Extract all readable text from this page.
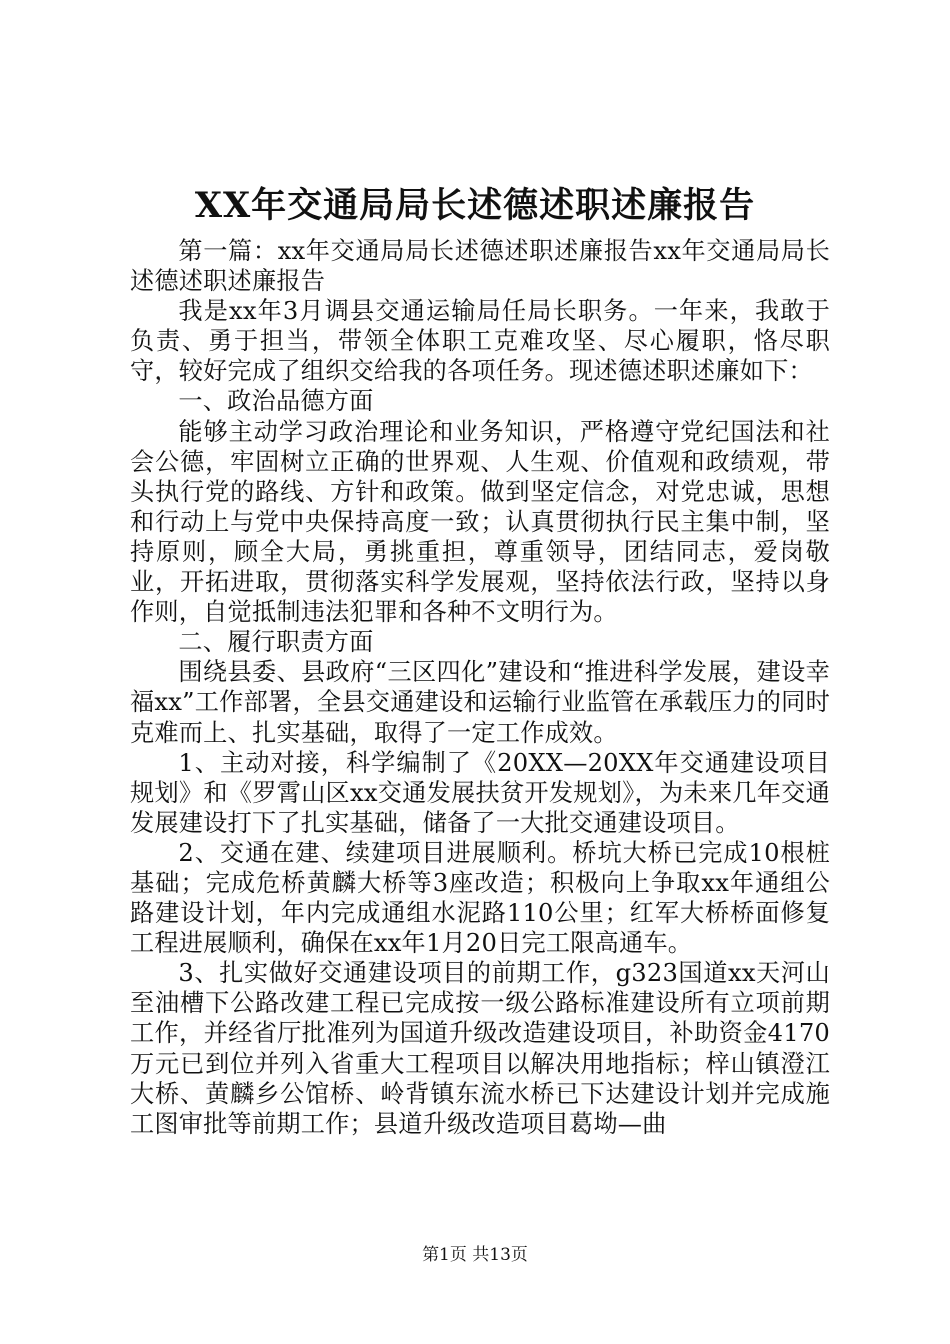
XX年交通局局长述德述职述廉报告

第一篇：xx年交通局局长述德述职述廉报告xx年交通局局长述德述职述廉报告

我是xx年3月调县交通运输局任局长职务。一年来，我敢于负责、勇于担当，带领全体职工克难攻坚、尽心履职，恪尽职守，较好完成了组织交给我的各项任务。现述德述职述廉如下：

一、政治品德方面

能够主动学习政治理论和业务知识，严格遵守党纪国法和社会公德，牢固树立正确的世界观、人生观、价值观和政绩观，带头执行党的路线、方针和政策。做到坚定信念，对党忠诚，思想和行动上与党中央保持高度一致；认真贯彻执行民主集中制，坚持原则，顾全大局，勇挑重担，尊重领导，团结同志，爱岗敬业，开拓进取，贯彻落实科学发展观，坚持依法行政，坚持以身作则，自觉抵制违法犯罪和各种不文明行为。

二、履行职责方面

围绕县委、县政府“三区四化”建设和“推进科学发展，建设幸福xx”工作部署，全县交通建设和运输行业监管在承载压力的同时克难而上、扎实基础，取得了一定工作成效。

1、主动对接，科学编制了《20XX—20XX年交通建设项目规划》和《罗霄山区xx交通发展扶贫开发规划》，为未来几年交通发展建设打下了扎实基础，储备了一大批交通建设项目。

2、交通在建、续建项目进展顺利。桥坑大桥已完成10根桩基础；完成危桥黄麟大桥等3座改造；积极向上争取xx年通组公路建设计划，年内完成通组水泥路110公里；红军大桥桥面修复工程进展顺利，确保在xx年1月20日完工限高通车。

3、扎实做好交通建设项目的前期工作，g323国道xx天河山至油槽下公路改建工程已完成按一级公路标准建设所有立项前期工作，并经省厅批准列为国道升级改造建设项目，补助资金4170万元已到位并列入省重大工程项目以解决用地指标；梓山镇澄江大桥、黄麟乡公馆桥、岭背镇东流水桥已下达建设计划并完成施工图审批等前期工作；县道升级改造项目葛坳—曲

第1页 共13页
